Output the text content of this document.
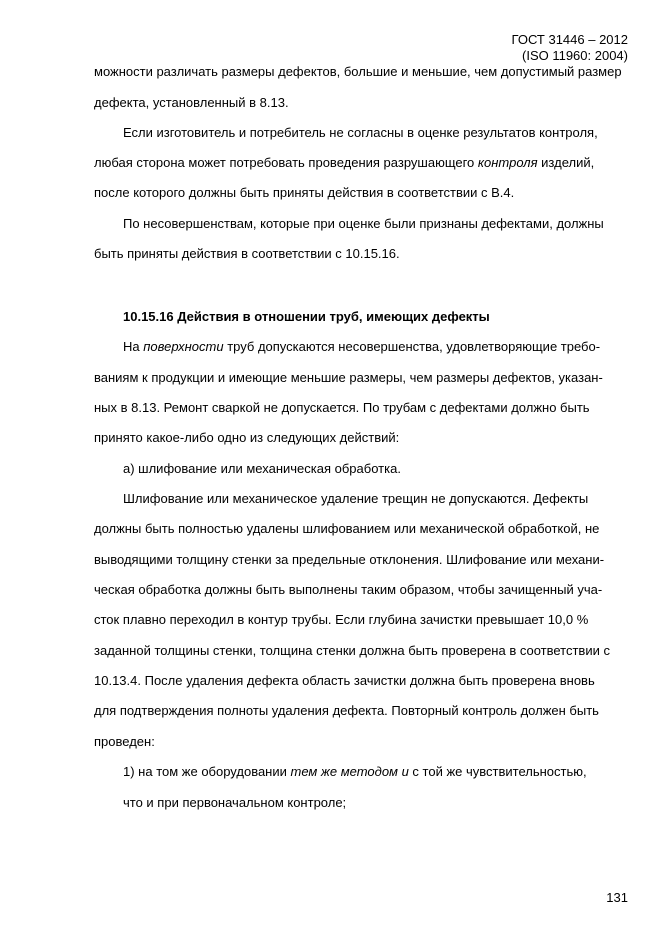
ГОСТ 31446 – 2012
(ISO 11960: 2004)
можности различать размеры дефектов, большие и меньшие, чем допустимый размер
дефекта, установленный в 8.13.
Если изготовитель и потребитель не согласны в оценке результатов контроля,
любая сторона может потребовать проведения разрушающего контроля изделий,
после которого должны быть приняты действия в соответствии с В.4.
По несовершенствам, которые при оценке были признаны дефектами, должны
быть приняты действия в соответствии с 10.15.16.
10.15.16 Действия в отношении труб, имеющих дефекты
На поверхности труб допускаются несовершенства, удовлетворяющие требо-
ваниям к продукции и имеющие меньшие размеры, чем размеры дефектов, указан-
ных в 8.13. Ремонт сваркой не допускается. По трубам с дефектами должно быть
принято какое-либо одно из следующих действий:
а) шлифование или механическая обработка.
Шлифование или механическое удаление трещин не допускаются. Дефекты
должны быть полностью удалены шлифованием или механической обработкой, не
выводящими толщину стенки за предельные отклонения. Шлифование или механи-
ческая обработка должны быть выполнены таким образом, чтобы зачищенный уча-
сток плавно переходил в контур трубы. Если глубина зачистки превышает 10,0 %
заданной толщины стенки, толщина стенки должна быть проверена в соответствии с
10.13.4. После удаления дефекта область зачистки должна быть проверена вновь
для подтверждения полноты удаления дефекта. Повторный контроль должен быть
проведен:
1) на том же оборудовании тем же методом и с той же чувствительностью,
что и при первоначальном контроле;
131
